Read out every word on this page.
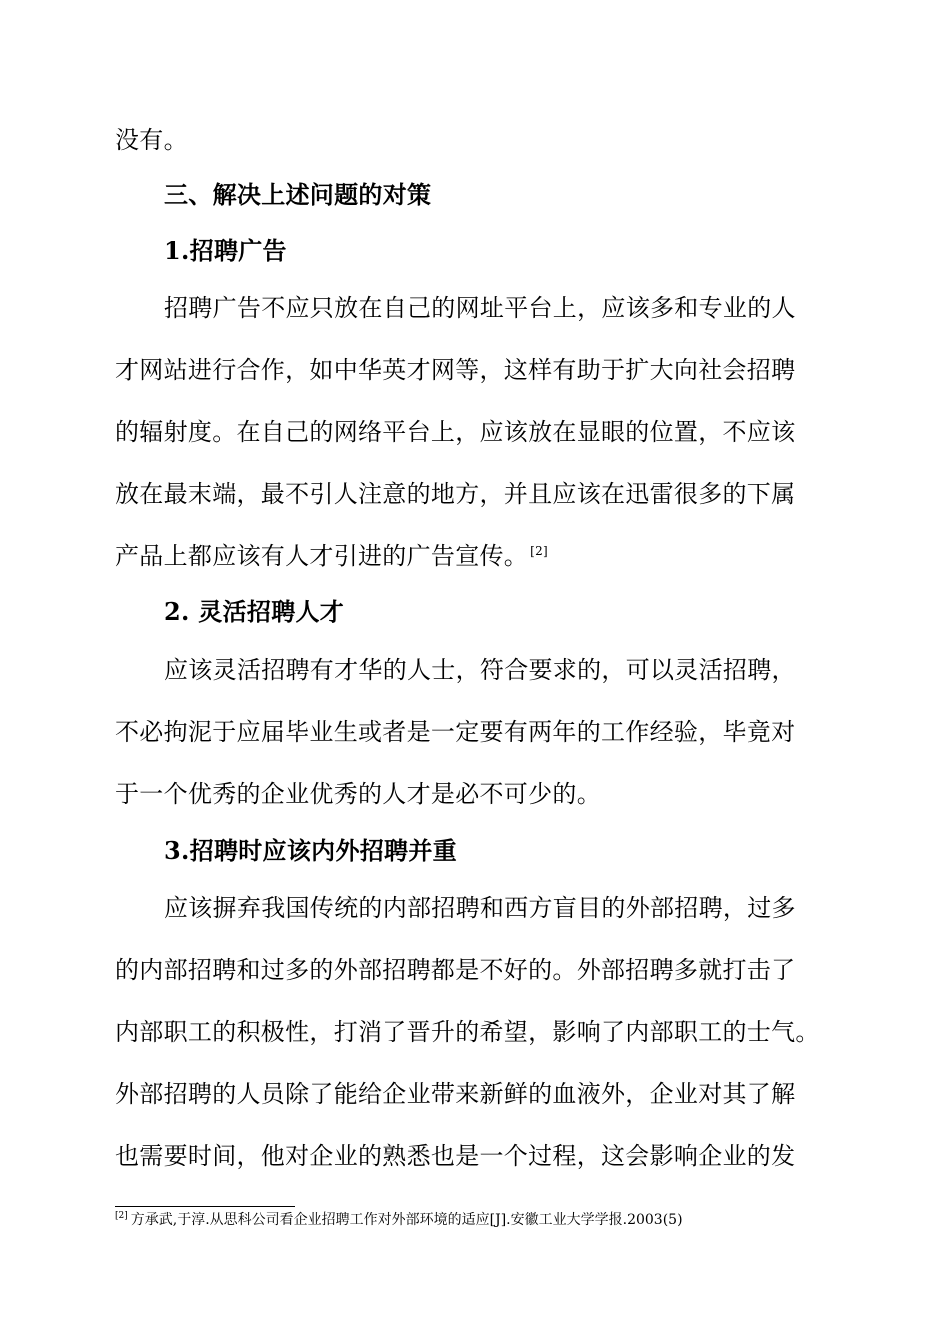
没有。
三、解决上述问题的对策
1.招聘广告
招聘广告不应只放在自己的网址平台上，应该多和专业的人
才网站进行合作，如中华英才网等，这样有助于扩大向社会招聘
的辐射度。在自己的网络平台上，应该放在显眼的位置，不应该
放在最末端，最不引人注意的地方，并且应该在迅雷很多的下属
产品上都应该有人才引进的广告宣传。 [2]
2. 灵活招聘人才
应该灵活招聘有才华的人士，符合要求的，可以灵活招聘，
不必拘泥于应届毕业生或者是一定要有两年的工作经验，毕竟对
于一个优秀的企业优秀的人才是必不可少的。
3.招聘时应该内外招聘并重
应该摒弃我国传统的内部招聘和西方盲目的外部招聘，过多
的内部招聘和过多的外部招聘都是不好的。外部招聘多就打击了
内部职工的积极性，打消了晋升的希望，影响了内部职工的士气。
外部招聘的人员除了能给企业带来新鲜的血液外，企业对其了解
也需要时间，他对企业的熟悉也是一个过程，这会影响企业的发
[2] 方承武,于淳.从思科公司看企业招聘工作对外部环境的适应[J].安徽工业大学学报.2003(5)
